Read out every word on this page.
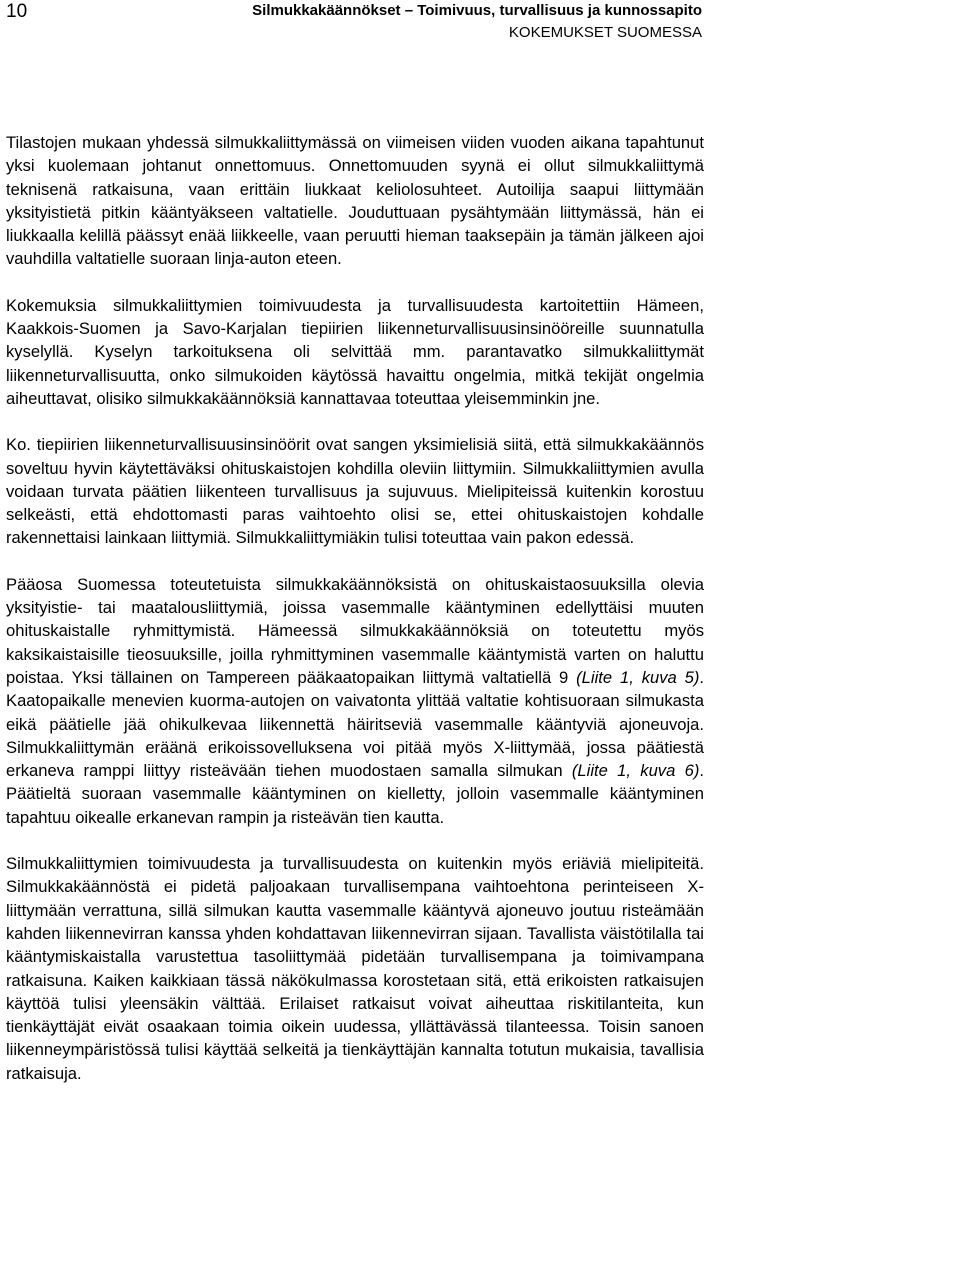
10	Silmukkakäännökset – Toimivuus, turvallisuus ja kunnossapito
KOKEMUKSET SUOMESSA

Tilastojen mukaan yhdessä silmukkaliittymässä on viimeisen viiden vuoden aikana tapahtunut yksi kuolemaan johtanut onnettomuus. Onnettomuuden syynä ei ollut silmukkaliittymä teknisenä ratkaisuna, vaan erittäin liukkaat keliolosuhteet. Autoilija saapui liittymään yksityistietä pitkin kääntyäkseen valtatielle. Jouduttuaan pysähtymään liittymässä, hän ei liukkaalla kelillä päässyt enää liikkeelle, vaan peruutti hieman taaksepäin ja tämän jälkeen ajoi vauhdilla valtatielle suoraan linja-auton eteen.

Kokemuksia silmukkaliittymien toimivuudesta ja turvallisuudesta kartoitettiin Hämeen, Kaakkois-Suomen ja Savo-Karjalan tiepiirien liikenneturvallisuusinsinööreille suunnatulla kyselyllä. Kyselyn tarkoituksena oli selvittää mm. parantavatko silmukkaliittymät liikenneturvallisuutta, onko silmukoiden käytössä havaittu ongelmia, mitkä tekijät ongelmia aiheuttavat, olisiko silmukkakäännöksiä kannattavaa toteuttaa yleisemminkin jne.

Ko. tiepiirien liikenneturvallisuusinsinöörit ovat sangen yksimielisiä siitä, että silmukkakäännös soveltuu hyvin käytettäväksi ohituskaistojen kohdilla oleviin liittymiin. Silmukkaliittymien avulla voidaan turvata päätien liikenteen turvallisuus ja sujuvuus. Mielipiteissä kuitenkin korostuu selkeästi, että ehdottomasti paras vaihtoehto olisi se, ettei ohituskaistojen kohdalle rakennettaisi lainkaan liittymiä. Silmukkaliittymiäkin tulisi toteuttaa vain pakon edessä.

Pääosa Suomessa toteutetuista silmukkakäännöksistä on ohituskaistaosuuksilla olevia yksityistie- tai maatalousliittymiä, joissa vasemmalle kääntyminen edellyttäisi muuten ohituskaistalle ryhmittymistä. Hämeessä silmukkakäännöksiä on toteutettu myös kaksikaistaisille tieosuuksille, joilla ryhmittyminen vasemmalle kääntymistä varten on haluttu poistaa. Yksi tällainen on Tampereen pääkaatopaikan liittymä valtatiellä 9 (Liite 1, kuva 5). Kaatopaikalle menevien kuorma-autojen on vaivatonta ylittää valtatie kohtisuoraan silmukasta eikä päätielle jää ohikulkevaa liikennettä häiritseviä vasemmalle kääntyviä ajoneuvoja. Silmukkaliittymän eräänä erikoissovelluksena voi pitää myös X-liittymää, jossa päätiestä erkaneva ramppi liittyy risteävään tiehen muodostaen samalla silmukan (Liite 1, kuva 6). Päätieltä suoraan vasemmalle kääntyminen on kielletty, jolloin vasemmalle kääntyminen tapahtuu oikealle erkanevan rampin ja risteävän tien kautta.

Silmukkaliittymien toimivuudesta ja turvallisuudesta on kuitenkin myös eriäviä mielipiteitä. Silmukkakäännöstä ei pidetä paljoakaan turvallisempana vaihtoehtona perinteiseen X-liittymään verrattuna, sillä silmukan kautta vasemmalle kääntyvä ajoneuvo joutuu risteämään kahden liikennevirran kanssa yhden kohdattavan liikennevirran sijaan. Tavallista väistötilalla tai kääntymiskaistalla varustettua tasoliittymää pidetään turvallisempana ja toimivampana ratkaisuna. Kaiken kaikkiaan tässä näkökulmassa korostetaan sitä, että erikoisten ratkaisujen käyttöä tulisi yleensäkin välttää. Erilaiset ratkaisut voivat aiheuttaa riskitilanteita, kun tienkäyttäjät eivät osaakaan toimia oikein uudessa, yllättävässä tilanteessa. Toisin sanoen liikenneympäristössä tulisi käyttää selkeitä ja tienkäyttäjän kannalta totutun mukaisia, tavallisia ratkaisuja.
